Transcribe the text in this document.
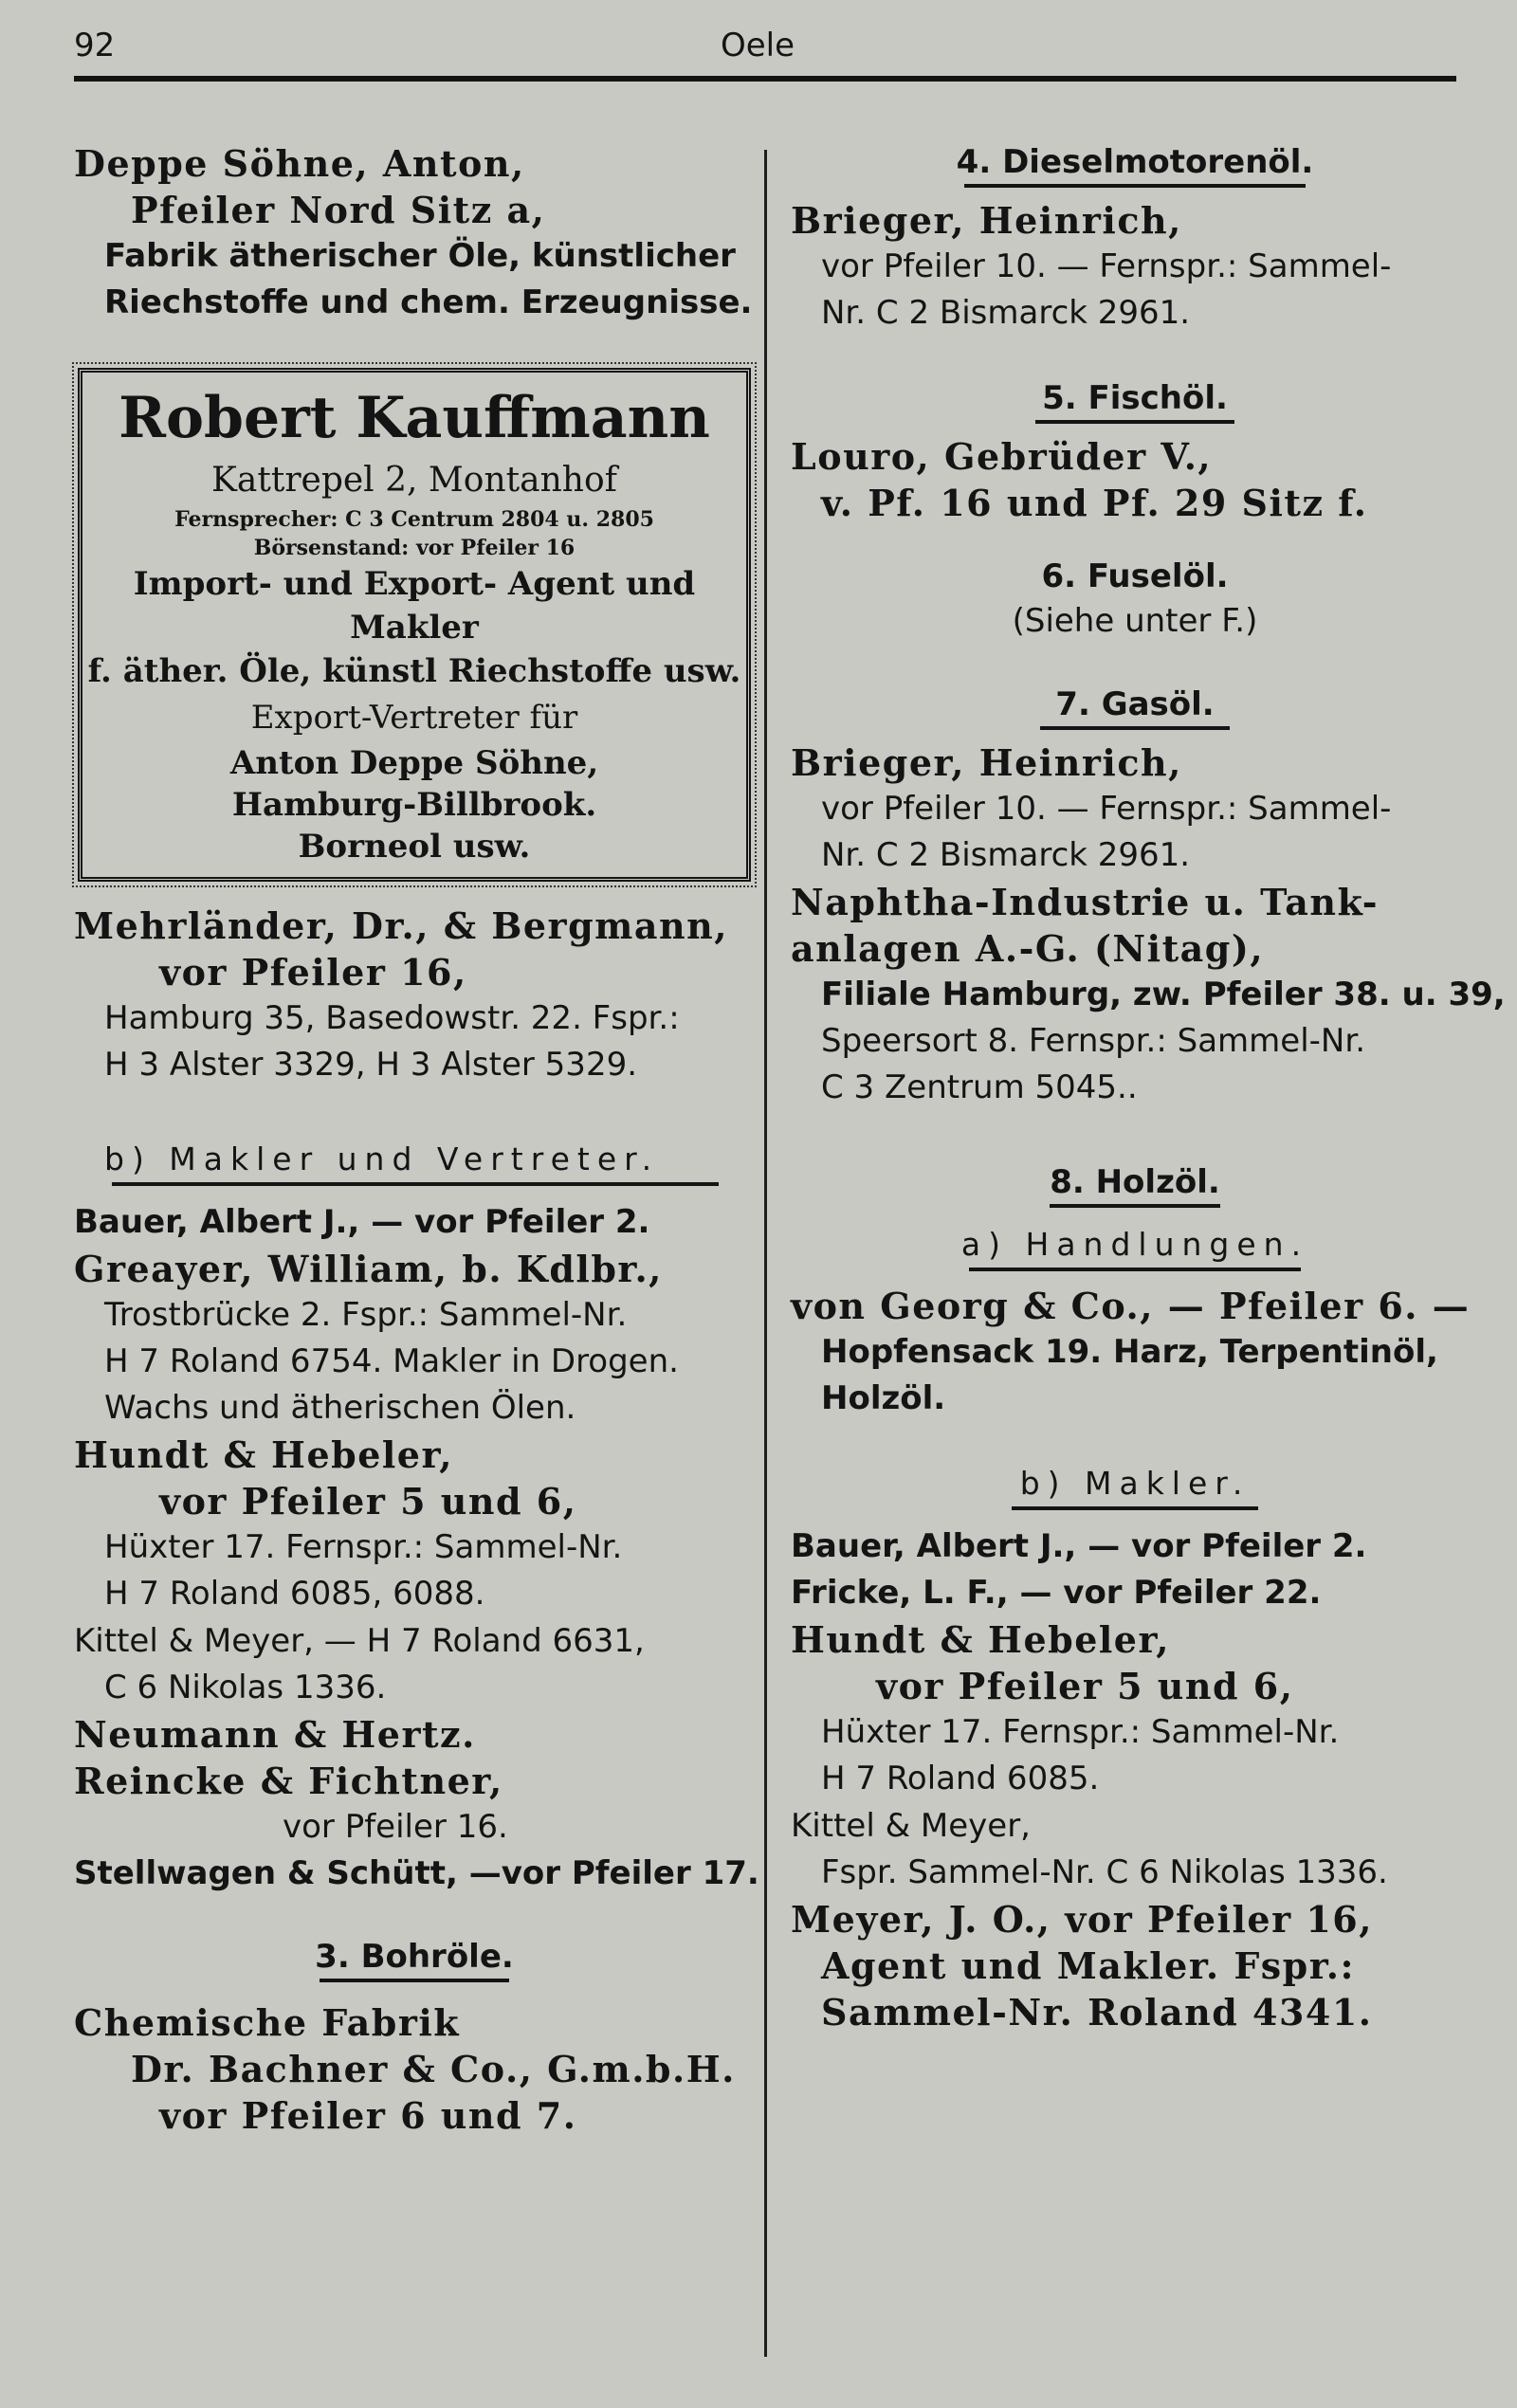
92	Oele
Deppe Söhne, Anton,
Pfeiler Nord Sitz a,
Fabrik ätherischer Öle, künstlicher
Riechstoffe und chem. Erzeugnisse.
Robert Kauffmann
Kattrepel 2, Montanhof
Fernsprecher: C 3 Centrum 2804 u. 2805
Börsenstand: vor Pfeiler 16
Import- und Export- Agent und Makler
f. äther. Öle, künstl Riechstoffe usw.
Export-Vertreter für
Anton Deppe Söhne,
Hamburg-Billbrook.
Borneol usw.
Mehrländer, Dr., & Bergmann,
vor Pfeiler 16,
Hamburg 35, Basedowstr. 22. Fspr.:
H 3 Alster 3329, H 3 Alster 5329.
b) Makler und Vertreter.
Bauer, Albert J., — vor Pfeiler 2.
Greayer, William, b. Kdlbr.,
Trostbrücke 2. Fspr.: Sammel-Nr.
H 7 Roland 6754. Makler in Drogen.
Wachs und ätherischen Ölen.
Hundt & Hebeler,
vor Pfeiler 5 und 6,
Hüxter 17. Fernspr.: Sammel-Nr.
H 7 Roland 6085, 6088.
Kittel & Meyer, — H 7 Roland 6631,
C 6 Nikolas 1336.
Neumann & Hertz.
Reincke & Fichtner,
vor Pfeiler 16.
Stellwagen & Schütt, —vor Pfeiler 17.
3. Bohröle.
Chemische Fabrik
Dr. Bachner & Co., G.m.b.H.
vor Pfeiler 6 und 7.
4. Dieselmotorenöl.
Brieger, Heinrich,
vor Pfeiler 10. — Fernspr.: Sammel-
Nr. C 2 Bismarck 2961.
5. Fischöl.
Louro, Gebrüder V.,
v. Pf. 16 und Pf. 29 Sitz f.
6. Fuselöl.
(Siehe unter F.)
7. Gasöl.
Brieger, Heinrich,
vor Pfeiler 10. — Fernspr.: Sammel-
Nr. C 2 Bismarck 2961.
Naphtha-Industrie u. Tank-
anlagen A.-G. (Nitag),
Filiale Hamburg, zw. Pfeiler 38. u. 39,
Speersort 8. Fernspr.: Sammel-Nr.
C 3 Zentrum 5045..
8. Holzöl.
a) Handlungen.
von Georg & Co., — Pfeiler 6. —
Hopfensack 19. Harz, Terpentinöl,
Holzöl.
b) Makler.
Bauer, Albert J., — vor Pfeiler 2.
Fricke, L. F., — vor Pfeiler 22.
Hundt & Hebeler,
vor Pfeiler 5 und 6,
Hüxter 17. Fernspr.: Sammel-Nr.
H 7 Roland 6085.
Kittel & Meyer,
Fspr. Sammel-Nr. C 6 Nikolas 1336.
Meyer, J. O., vor Pfeiler 16,
Agent und Makler. Fspr.:
Sammel-Nr. Roland 4341.
